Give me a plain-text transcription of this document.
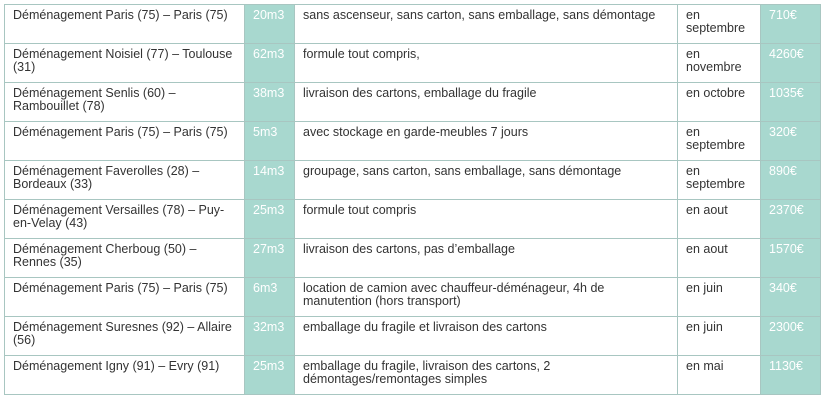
Déménagement Paris (75) – Paris (75)	20m3	sans ascenseur, sans carton, sans emballage, sans démontage	en septembre	710€
Déménagement Noisiel (77) – Toulouse (31)	62m3	formule tout compris,	en novembre	4260€
Déménagement Senlis (60) – Rambouillet (78)	38m3	livraison des cartons, emballage du fragile	en octobre	1035€
Déménagement Paris (75) – Paris (75)	5m3	avec stockage en garde-meubles 7 jours	en septembre	320€
Déménagement Faverolles (28) – Bordeaux (33)	14m3	groupage, sans carton, sans emballage, sans démontage	en septembre	890€
Déménagement Versailles (78) – Puy-en-Velay (43)	25m3	formule tout compris	en aout	2370€
Déménagement Cherboug (50) – Rennes (35)	27m3	livraison des cartons, pas d’emballage	en aout	1570€
Déménagement Paris (75) – Paris (75)	6m3	location de camion avec chauffeur-déménageur, 4h de manutention (hors transport)	en juin	340€
Déménagement Suresnes (92) – Allaire (56)	32m3	emballage du fragile et livraison des cartons	en juin	2300€
Déménagement Igny (91) – Evry (91)	25m3	emballage du fragile, livraison des cartons, 2 démontages/remontages simples	en mai	1130€
